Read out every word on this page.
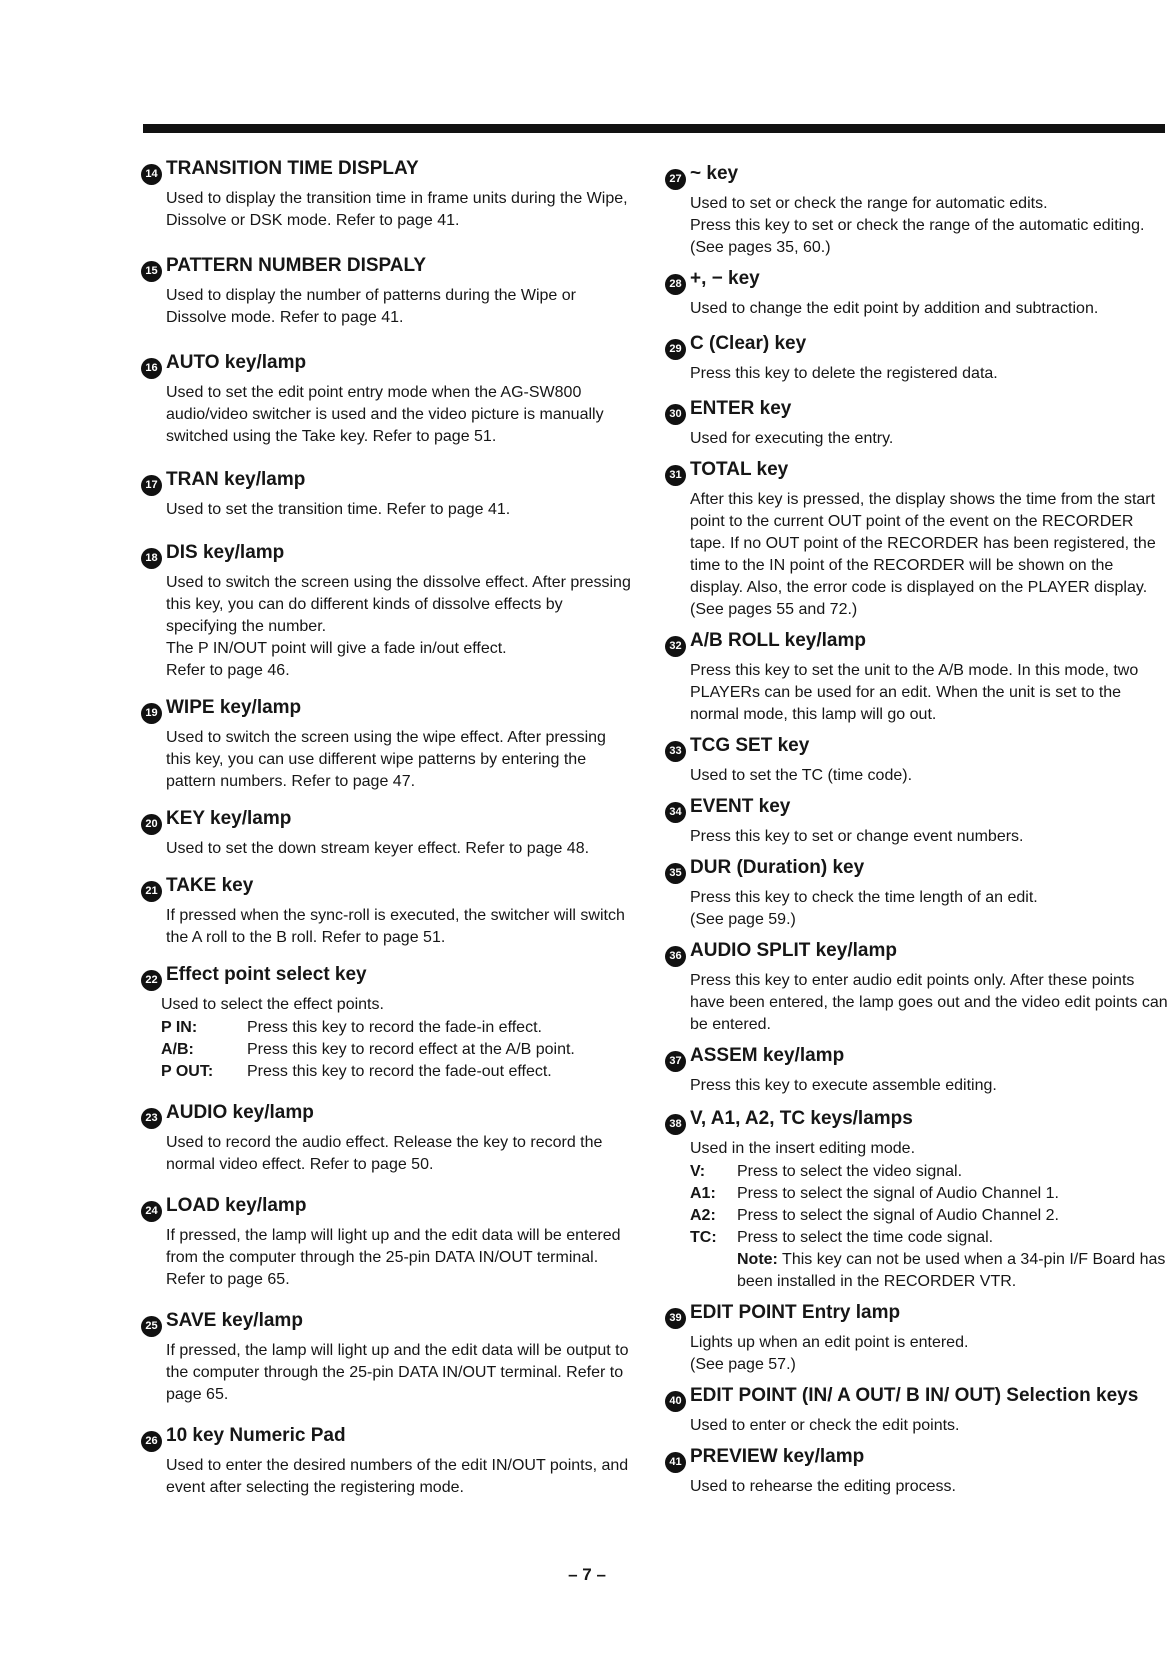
14 TRANSITION TIME DISPLAY

Used to display the transition time in frame units during the Wipe, Dissolve or DSK mode. Refer to page 41.

15 PATTERN NUMBER DISPALY

Used to display the number of patterns during the Wipe or Dissolve mode. Refer to page 41.

16 AUTO key/lamp

Used to set the edit point entry mode when the AG-SW800 audio/video switcher is used and the video picture is manually switched using the Take key. Refer to page 51.

17 TRAN key/lamp

Used to set the transition time. Refer to page 41.

18 DIS key/lamp

Used to switch the screen using the dissolve effect. After pressing this key, you can do different kinds of dissolve effects by specifying the number.

The P IN/OUT point will give a fade in/out effect.

Refer to page 46.

19 WIPE key/lamp

Used to switch the screen using the wipe effect. After pressing this key, you can use different wipe patterns by entering the pattern numbers. Refer to page 47.

20 KEY key/lamp

Used to set the down stream keyer effect. Refer to page 48.

21 TAKE key

If pressed when the sync-roll is executed, the switcher will switch the A roll to the B roll. Refer to page 51.

22 Effect point select key

Used to select the effect points.

P IN:	Press this key to record the fade-in effect.
A/B:	Press this key to record effect at the A/B point.
P OUT:	Press this key to record the fade-out effect.
23 AUDIO key/lamp

Used to record the audio effect. Release the key to record the normal video effect. Refer to page 50.

24 LOAD key/lamp

If pressed, the lamp will light up and the edit data will be entered from the computer through the 25-pin DATA IN/OUT terminal. Refer to page 65.

25 SAVE key/lamp

If pressed, the lamp will light up and the edit data will be output to the computer through the 25-pin DATA IN/OUT terminal. Refer to page 65.

26 10 key Numeric Pad

Used to enter the desired numbers of the edit IN/OUT points, and event after selecting the registering mode.

27 ~ key

Used to set or check the range for automatic edits.

Press this key to set or check the range of the automatic editing. (See pages 35, 60.)

28 +, − key

Used to change the edit point by addition and subtraction.

29 C (Clear) key

Press this key to delete the registered data.

30 ENTER key

Used for executing the entry.

31 TOTAL key

After this key is pressed, the display shows the time from the start point to the current OUT point of the event on the RECORDER tape. If no OUT point of the RECORDER has been registered, the time to the IN point of the RECORDER will be shown on the display. Also, the error code is displayed on the PLAYER display. (See pages 55 and 72.)

32 A/B ROLL key/lamp

Press this key to set the unit to the A/B mode. In this mode, two PLAYERs can be used for an edit. When the unit is set to the normal mode, this lamp will go out.

33 TCG SET key

Used to set the TC (time code).

34 EVENT key

Press this key to set or change event numbers.

35 DUR (Duration) key

Press this key to check the time length of an edit.

(See page 59.)

36 AUDIO SPLIT key/lamp

Press this key to enter audio edit points only. After these points have been entered, the lamp goes out and the video edit points can be entered.

37 ASSEM key/lamp

Press this key to execute assemble editing.

38 V, A1, A2, TC keys/lamps

Used in the insert editing mode.

V:	Press to select the video signal.
A1:	Press to select the signal of Audio Channel 1.
A2:	Press to select the signal of Audio Channel 2.
TC:	Press to select the time code signal.
Note: This key can not be used when a 34-pin I/F Board has been installed in the RECORDER VTR.
39 EDIT POINT Entry lamp

Lights up when an edit point is entered.

(See page 57.)

40 EDIT POINT (IN/ A OUT/ B IN/ OUT) Selection keys

Used to enter or check the edit points.

41 PREVIEW key/lamp

Used to rehearse the editing process.

– 7 –
